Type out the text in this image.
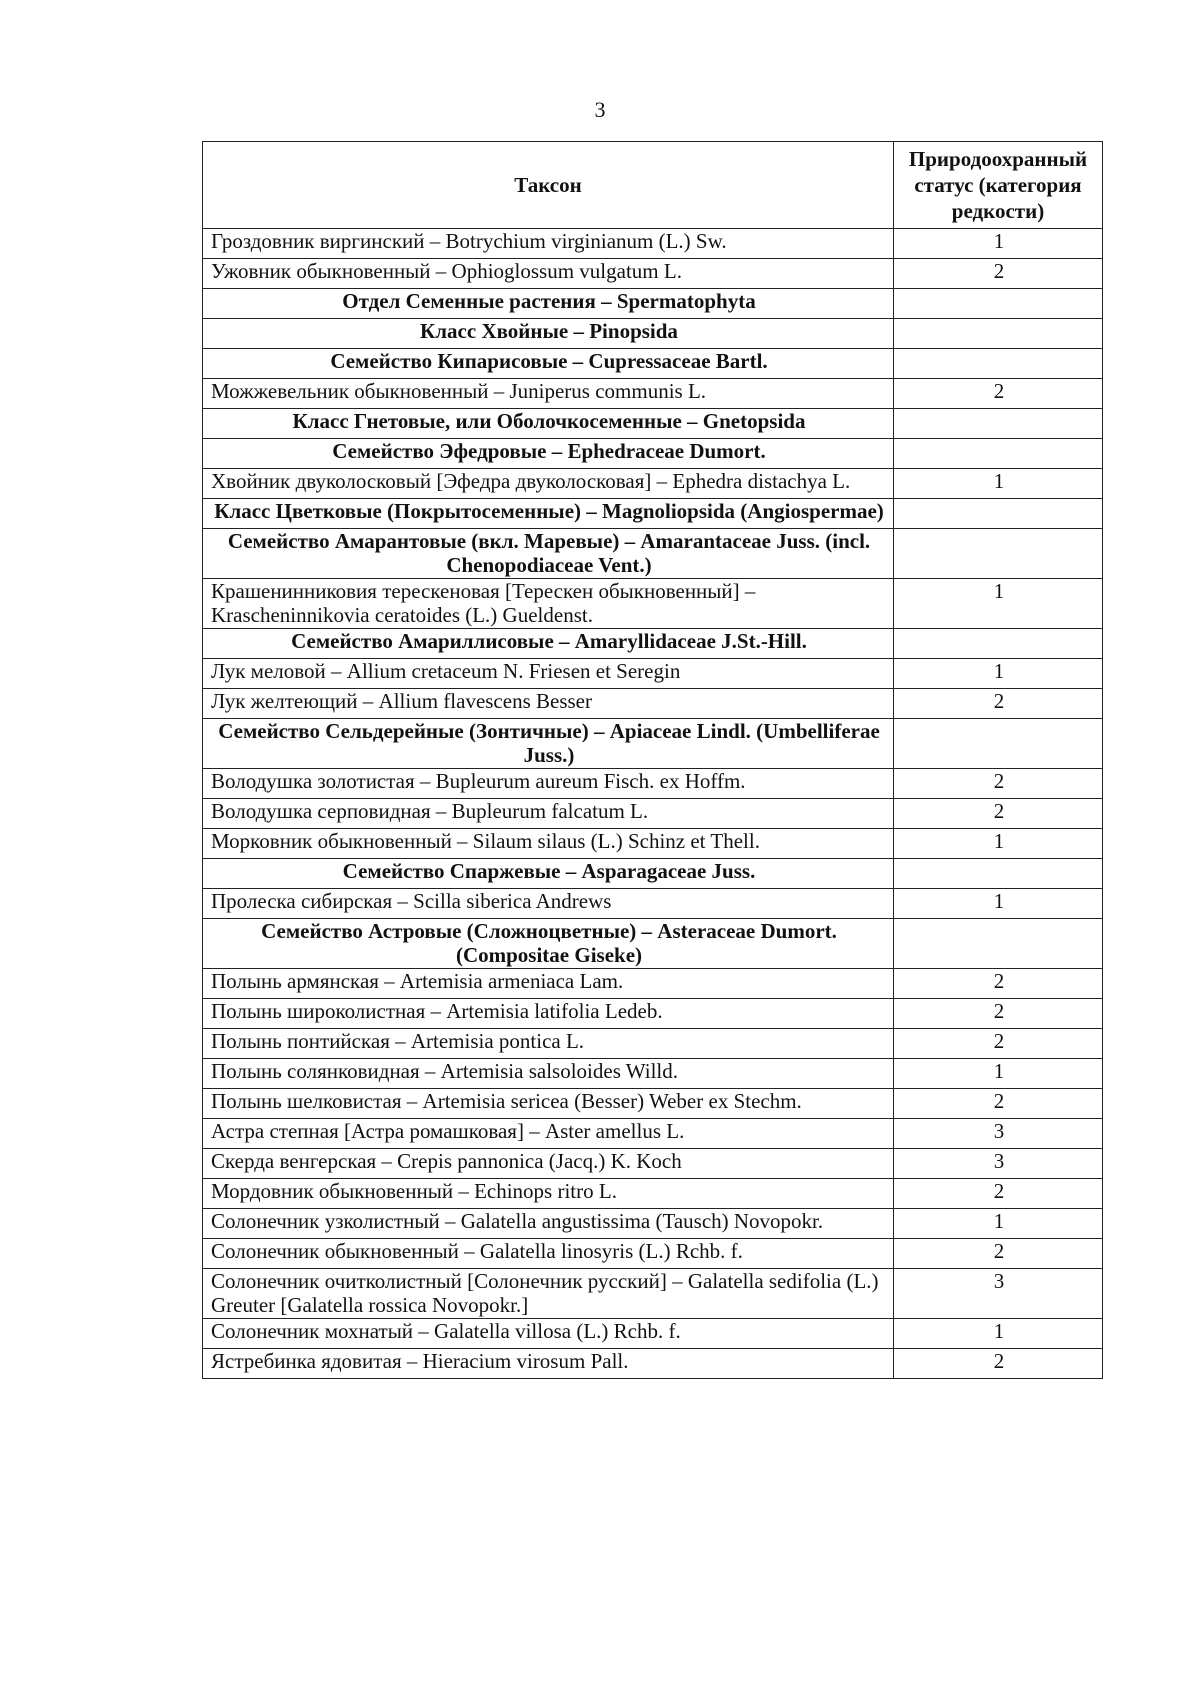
3
Таксон	Природоохранный статус (категория редкости)
Гроздовник виргинский – Botrychium virginianum (L.) Sw.	1
Ужовник обыкновенный – Ophioglossum vulgatum L.	2
Отдел Семенные растения – Spermatophyta	
Класс Хвойные – Pinopsida	
Семейство Кипарисовые – Cupressaceae Bartl.	
Можжевельник обыкновенный – Juniperus communis L.	2
Класс Гнетовые, или Оболочкосеменные – Gnetopsida	
Семейство Эфедровые – Ephedraceae Dumort.	
Хвойник двуколосковый [Эфедра двуколосковая] – Ephedra distachya L.	1
Класс Цветковые (Покрытосеменные) – Magnoliopsida (Angiospermae)	
Семейство Амарантовые (вкл. Маревые) – Amarantaceae Juss. (incl. Chenopodiaceae Vent.)	
Крашенинниковия терескеновая [Терескен обыкновенный] – Krascheninnikovia ceratoides (L.) Gueldenst.	1
Семейство Амариллисовые – Amaryllidaceae J.St.-Hill.	
Лук меловой – Allium cretaceum N. Friesen et Seregin	1
Лук желтеющий – Allium flavescens Besser	2
Семейство Сельдерейные (Зонтичные) – Apiaceae Lindl. (Umbelliferae Juss.)	
Володушка золотистая – Bupleurum aureum Fisch. ex Hoffm.	2
Володушка серповидная – Bupleurum falcatum L.	2
Морковник обыкновенный – Silaum silaus (L.) Schinz et Thell.	1
Семейство Спаржевые – Asparagaceae Juss.	
Пролеска сибирская – Scilla siberica Andrews	1
Семейство Астровые (Сложноцветные) – Asteraceae Dumort. (Compositae Giseke)	
Полынь армянская – Artemisia armeniaca Lam.	2
Полынь широколистная – Artemisia latifolia Ledeb.	2
Полынь понтийская – Artemisia pontica L.	2
Полынь солянковидная – Artemisia salsoloides Willd.	1
Полынь шелковистая – Artemisia sericea (Besser) Weber ex Stechm.	2
Астра степная [Астра ромашковая] – Aster amellus L.	3
Скерда венгерская – Crepis pannonica (Jacq.) K. Koch	3
Мордовник обыкновенный – Echinops ritro L.	2
Солонечник узколистный – Galatella angustissima (Tausch) Novopokr.	1
Солонечник обыкновенный – Galatella linosyris (L.) Rchb. f.	2
Солонечник очитколистный [Солонечник русский] – Galatella sedifolia (L.) Greuter [Galatella rossica Novopokr.]	3
Солонечник мохнатый – Galatella villosa (L.) Rchb. f.	1
Ястребинка ядовитая – Hieracium virosum Pall.	2
